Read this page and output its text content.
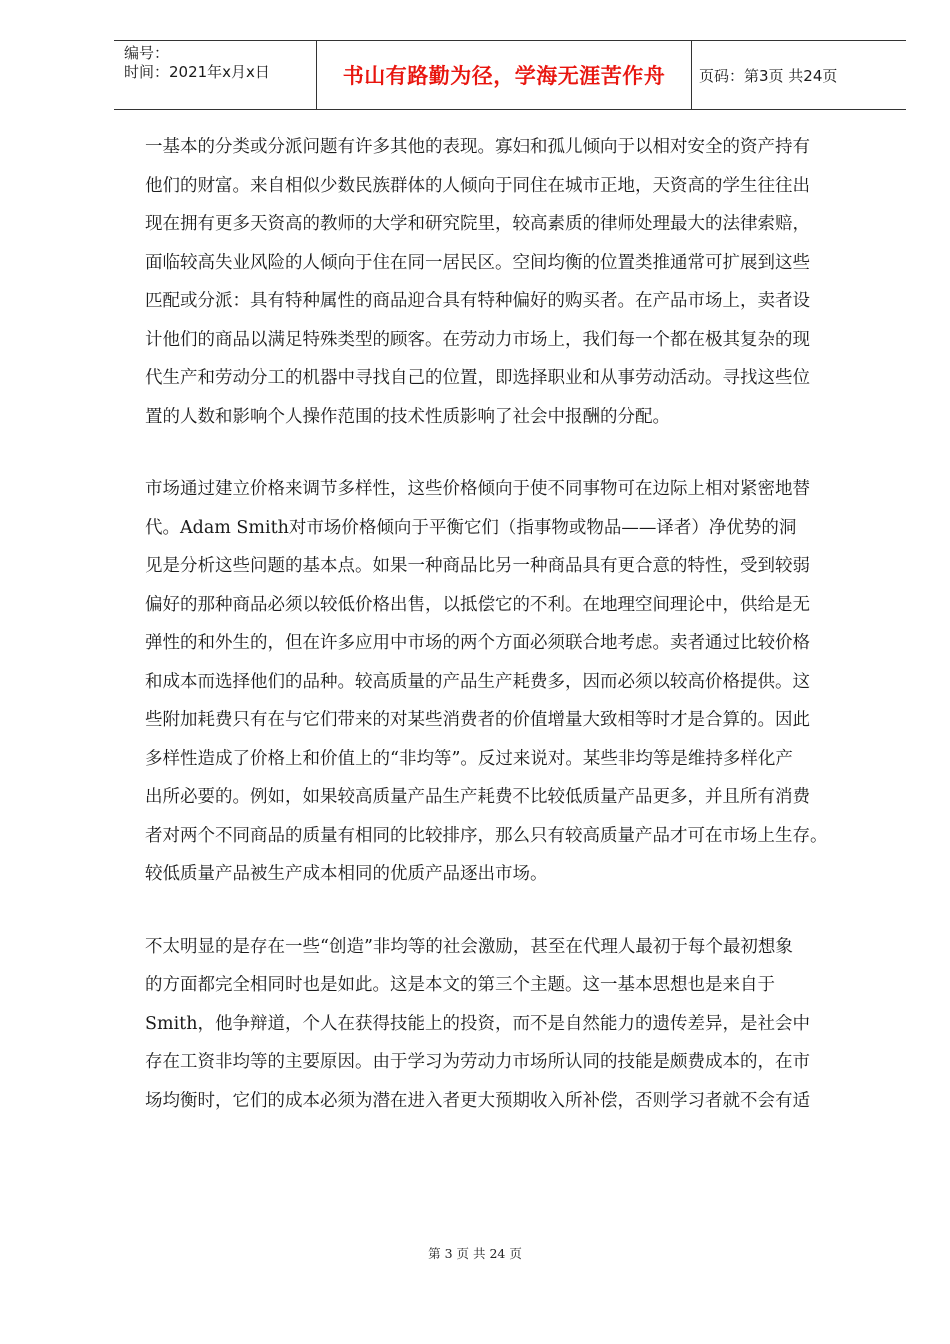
编号：
时间：2021年x月x日	书山有路勤为径，学海无涯苦作舟	页码：第3页 共24页
一基本的分类或分派问题有许多其他的表现。寡妇和孤儿倾向于以相对安全的资产持有
他们的财富。来自相似少数民族群体的人倾向于同住在城市正地，天资高的学生往往出
现在拥有更多天资高的教师的大学和研究院里，较高素质的律师处理最大的法律索赔，
面临较高失业风险的人倾向于住在同一居民区。空间均衡的位置类推通常可扩展到这些
匹配或分派：具有特种属性的商品迎合具有特种偏好的购买者。在产品市场上，卖者设
计他们的商品以满足特殊类型的顾客。在劳动力市场上，我们每一个都在极其复杂的现
代生产和劳动分工的机器中寻找自己的位置，即选择职业和从事劳动活动。寻找这些位
置的人数和影响个人操作范围的技术性质影响了社会中报酬的分配。
市场通过建立价格来调节多样性，这些价格倾向于使不同事物可在边际上相对紧密地替
代。Adam Smith对市场价格倾向于平衡它们（指事物或物品——译者）净优势的洞
见是分析这些问题的基本点。如果一种商品比另一种商品具有更合意的特性，受到较弱
偏好的那种商品必须以较低价格出售，以抵偿它的不利。在地理空间理论中，供给是无
弹性的和外生的，但在许多应用中市场的两个方面必须联合地考虑。卖者通过比较价格
和成本而选择他们的品种。较高质量的产品生产耗费多，因而必须以较高价格提供。这
些附加耗费只有在与它们带来的对某些消费者的价值增量大致相等时才是合算的。因此
多样性造成了价格上和价值上的“非均等”。反过来说对。某些非均等是维持多样化产
出所必要的。例如，如果较高质量产品生产耗费不比较低质量产品更多，并且所有消费
者对两个不同商品的质量有相同的比较排序，那么只有较高质量产品才可在市场上生存。
较低质量产品被生产成本相同的优质产品逐出市场。
不太明显的是存在一些“创造”非均等的社会激励，甚至在代理人最初于每个最初想象
的方面都完全相同时也是如此。这是本文的第三个主题。这一基本思想也是来自于
Smith，他争辩道，个人在获得技能上的投资，而不是自然能力的遗传差异，是社会中
存在工资非均等的主要原因。由于学习为劳动力市场所认同的技能是颇费成本的，在市
场均衡时，它们的成本必须为潜在进入者更大预期收入所补偿，否则学习者就不会有适
第 3 页 共 24 页
